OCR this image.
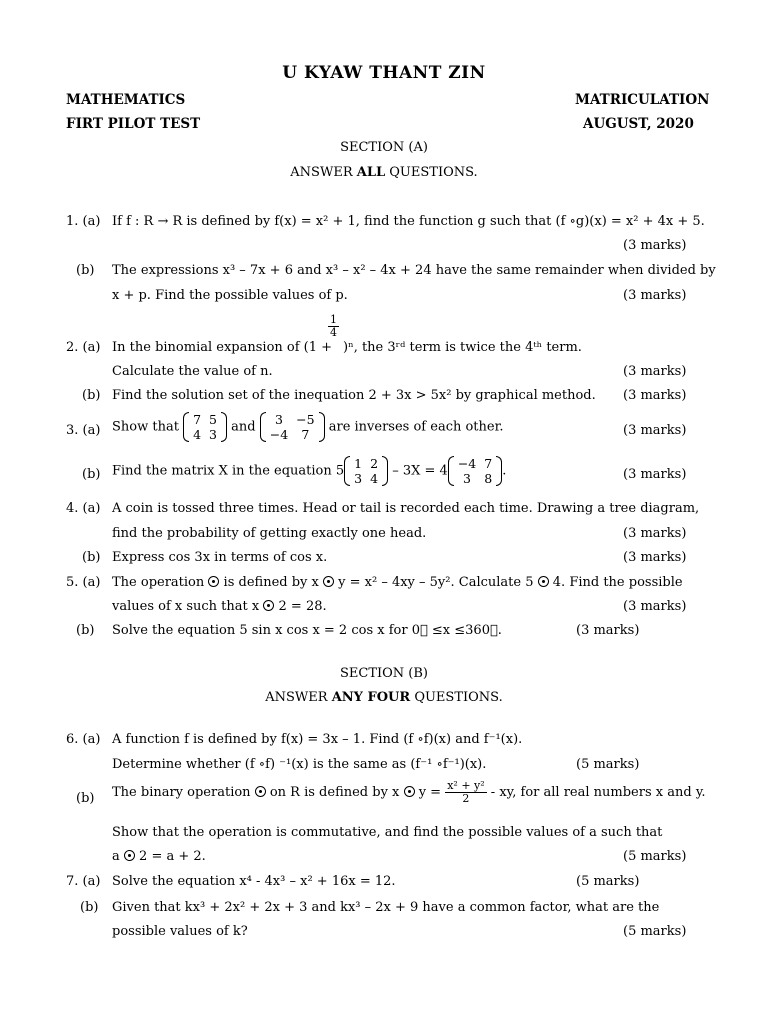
U KYAW THANT ZIN
MATHEMATICS	MATRICULATION
FIRT PILOT TEST	AUGUST, 2020
SECTION (A)
ANSWER ALL QUESTIONS.
1. (a) If f : R → R is defined by f(x) = x² + 1, find the function g such that (f ∘g)(x) = x² + 4x + 5.
(3 marks)
(b) The expressions x³ – 7x + 6 and x³ – x² – 4x + 24 have the same remainder when divided by
x + p. Find the possible values of p.	(3 marks)
2. (a) In the binomial expansion of (1 +
$\frac{1}{4}$
)ⁿ, the 3ʳᵈ term is twice the 4ᵗʰ term.
Calculate the value of n.	(3 marks)
(b) Find the solution set of the inequation 2 + 3x > 5x² by graphical method. (3 marks)
3. (a) Show that 7	5
4	3 and 3	−5
−4	7 are inverses of each other.	(3 marks)
(b) Find the matrix X in the equation 5 1	2
3	4 – 3X = 4 −4	7
3	8 .	(3 marks)
4. (a) A coin is tossed three times. Head or tail is recorded each time. Drawing a tree diagram,
find the probability of getting exactly one head.	(3 marks)
(b) Express cos 3x in terms of cos x.	(3 marks)
5. (a) The operation is defined by x y = x² – 4xy – 5y². Calculate 5 4. Find the possible
values of x such that x 2 = 28.	(3 marks)
(b) Solve the equation 5 sin x cos x = 2 cos x for 0⃞ ≤x ≤360⃞.	(3 marks)
SECTION (B)
ANSWER ANY FOUR QUESTIONS.
6. (a) A function f is defined by f(x) = 3x – 1. Find (f ∘f)(x) and f⁻¹(x).
Determine whether (f ∘f) ⁻¹(x) is the same as (f⁻¹ ∘f⁻¹)(x).	(5 marks)
(b) The binary operation on R is defined by x $y = \frac{\text{x² + y²}}{2}$ - xy, for all real numbers x and y.
Show that the operation is commutative, and find the possible values of a such that
a 2 = a + 2.	(5 marks)
7. (a) Solve the equation x⁴ - 4x³ – x² + 16x = 12.	(5 marks)
(b) Given that kx³ + 2x² + 2x + 3 and kx³ – 2x + 9 have a common factor, what are the
possible values of k?	(5 marks)
